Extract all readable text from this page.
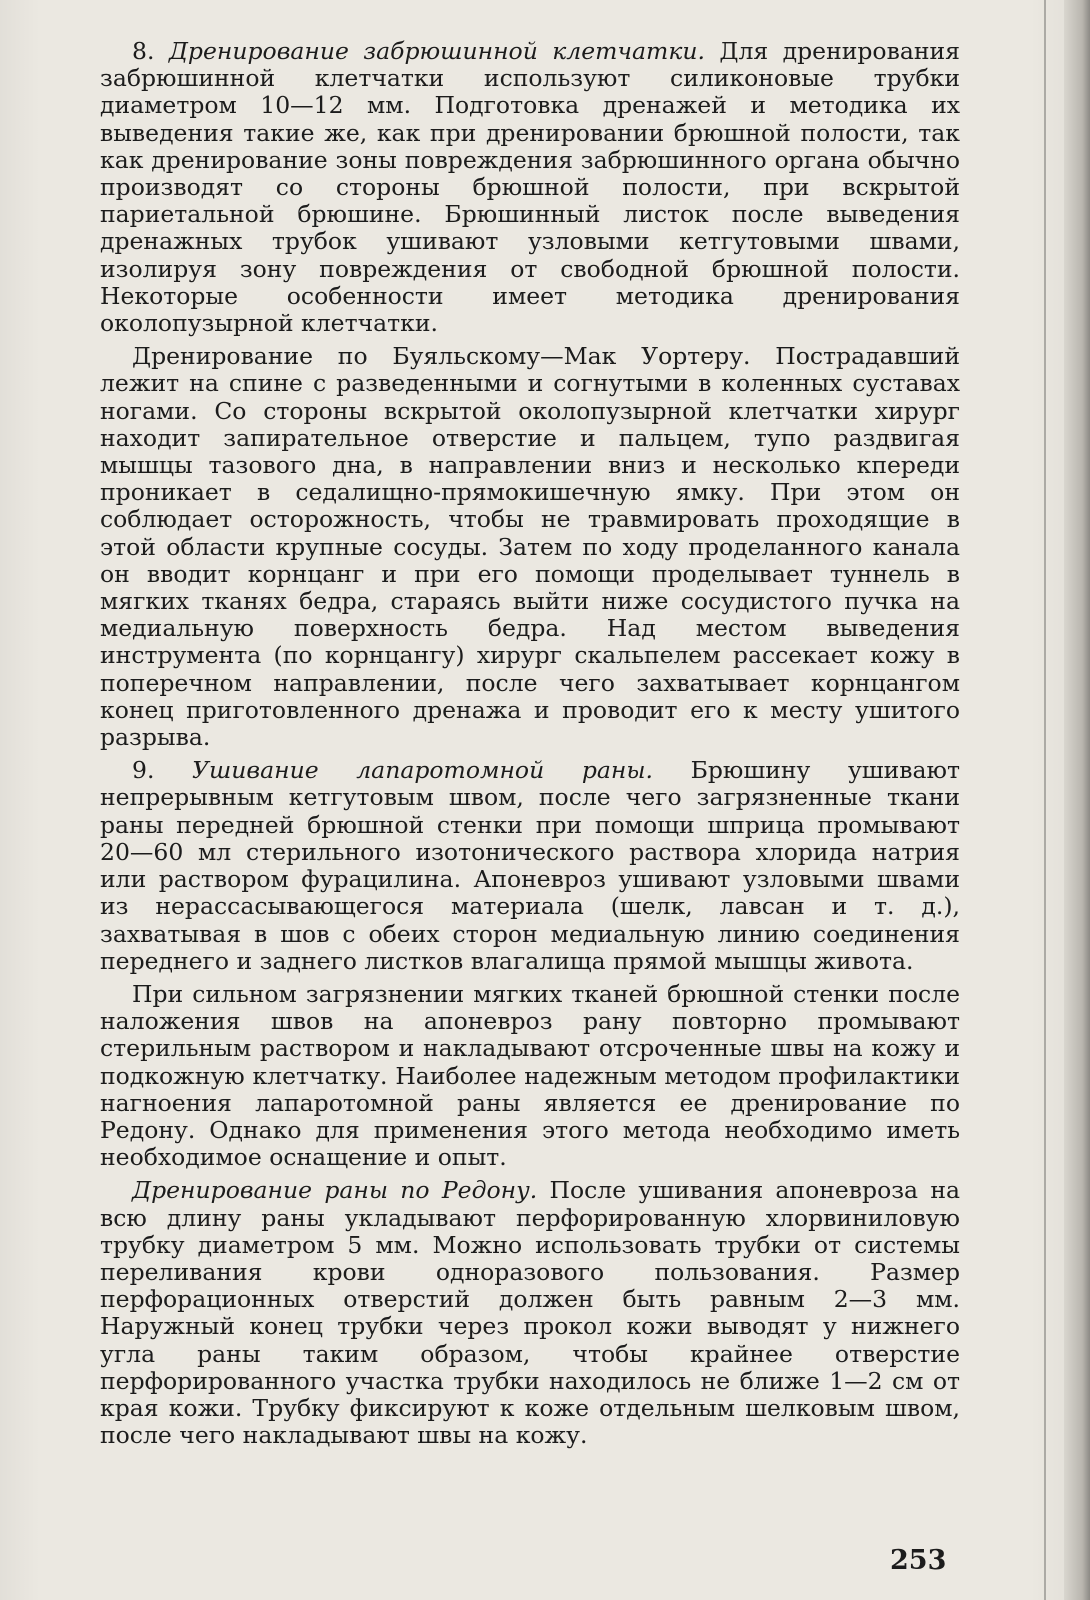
8. Дренирование забрюшинной клетчатки. Для дренирования забрюшинной клетчатки используют силиконовые трубки диаметром 10—12 мм. Подготовка дренажей и методика их выведения такие же, как при дренировании брюшной полости, так как дренирование зоны повреждения забрюшинного органа обычно производят со стороны брюшной полости, при вскрытой париетальной брюшине. Брюшинный листок после выведения дренажных трубок ушивают узловыми кетгутовыми швами, изолируя зону повреждения от свободной брюшной полости. Некоторые особенности имеет методика дренирования околопузырной клетчатки.

Дренирование по Буяльскому—Мак Уортеру. Пострадавший лежит на спине с разведенными и согнутыми в коленных суставах ногами. Со стороны вскрытой околопузырной клетчатки хирург находит запирательное отверстие и пальцем, тупо раздвигая мышцы тазового дна, в направлении вниз и несколько кпереди проникает в седалищно-прямокишечную ямку. При этом он соблюдает осторожность, чтобы не травмировать проходящие в этой области крупные сосуды. Затем по ходу проделанного канала он вводит корнцанг и при его помощи проделывает туннель в мягких тканях бедра, стараясь выйти ниже сосудистого пучка на медиальную поверхность бедра. Над местом выведения инструмента (по корнцангу) хирург скальпелем рассекает кожу в поперечном направлении, после чего захватывает корнцангом конец приготовленного дренажа и проводит его к месту ушитого разрыва.

9. Ушивание лапаротомной раны. Брюшину ушивают непрерывным кетгутовым швом, после чего загрязненные ткани раны передней брюшной стенки при помощи шприца промывают 20—60 мл стерильного изотонического раствора хлорида натрия или раствором фурацилина. Апоневроз ушивают узловыми швами из нерассасывающегося материала (шелк, лавсан и т. д.), захватывая в шов с обеих сторон медиальную линию соединения переднего и заднего листков влагалища прямой мышцы живота.

При сильном загрязнении мягких тканей брюшной стенки после наложения швов на апоневроз рану повторно промывают стерильным раствором и накладывают отсроченные швы на кожу и подкожную клетчатку. Наиболее надежным методом профилактики нагноения лапаротомной раны является ее дренирование по Редону. Однако для применения этого метода необходимо иметь необходимое оснащение и опыт.

Дренирование раны по Редону. После ушивания апоневроза на всю длину раны укладывают перфорированную хлорвиниловую трубку диаметром 5 мм. Можно использовать трубки от системы переливания крови одноразового пользования. Размер перфорационных отверстий должен быть равным 2—3 мм. Наружный конец трубки через прокол кожи выводят у нижнего угла раны таким образом, чтобы крайнее отверстие перфорированного участка трубки находилось не ближе 1—2 см от края кожи. Трубку фиксируют к коже отдельным шелковым швом, после чего накладывают швы на кожу.

253
